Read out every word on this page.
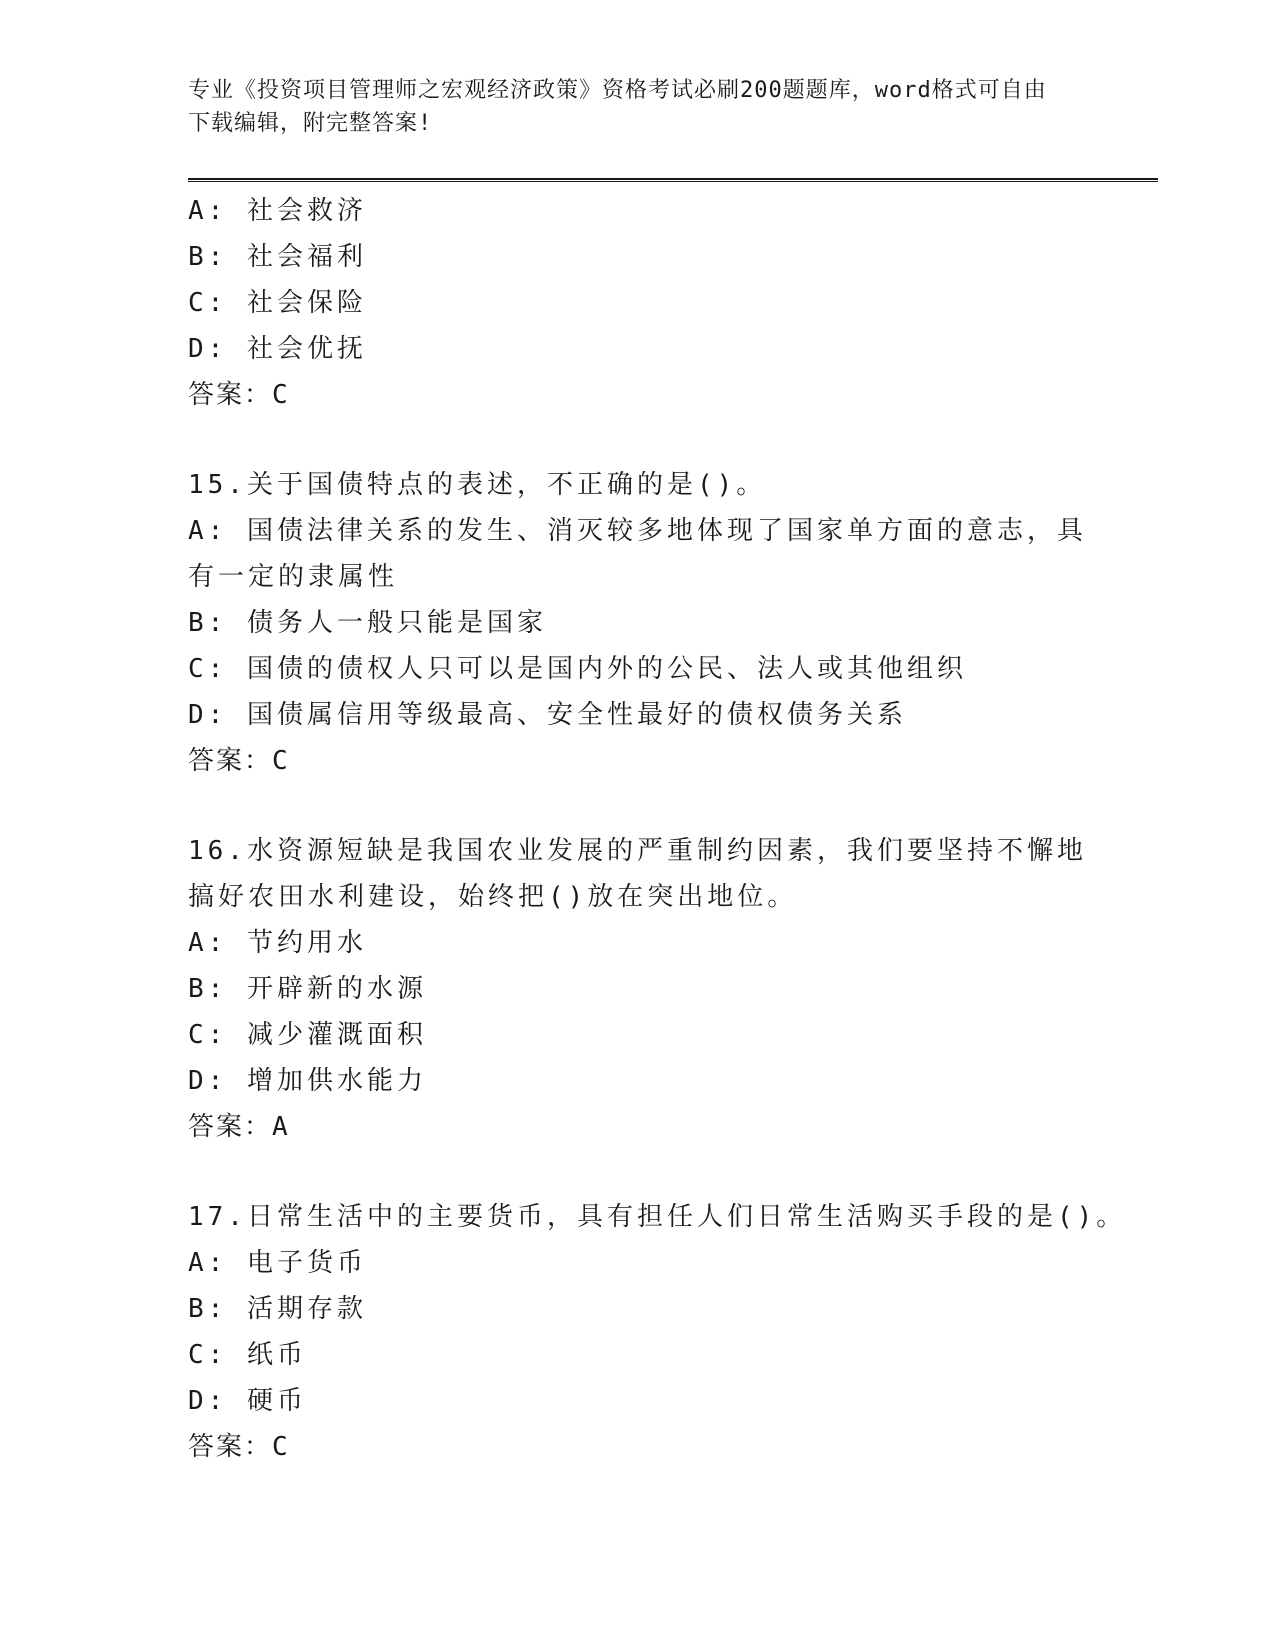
专业《投资项目管理师之宏观经济政策》资格考试必刷200题题库，word格式可自由下载编辑，附完整答案!
A: 社会救济
B: 社会福利
C: 社会保险
D: 社会优抚
答案：C
15.关于国债特点的表述，不正确的是()。
A: 国债法律关系的发生、消灭较多地体现了国家单方面的意志，具有一定的隶属性
B: 债务人一般只能是国家
C: 国债的债权人只可以是国内外的公民、法人或其他组织
D: 国债属信用等级最高、安全性最好的债权债务关系
答案：C
16.水资源短缺是我国农业发展的严重制约因素，我们要坚持不懈地搞好农田水利建设，始终把()放在突出地位。
A: 节约用水
B: 开辟新的水源
C: 减少灌溉面积
D: 增加供水能力
答案：A
17.日常生活中的主要货币，具有担任人们日常生活购买手段的是()。
A: 电子货币
B: 活期存款
C: 纸币
D: 硬币
答案：C
